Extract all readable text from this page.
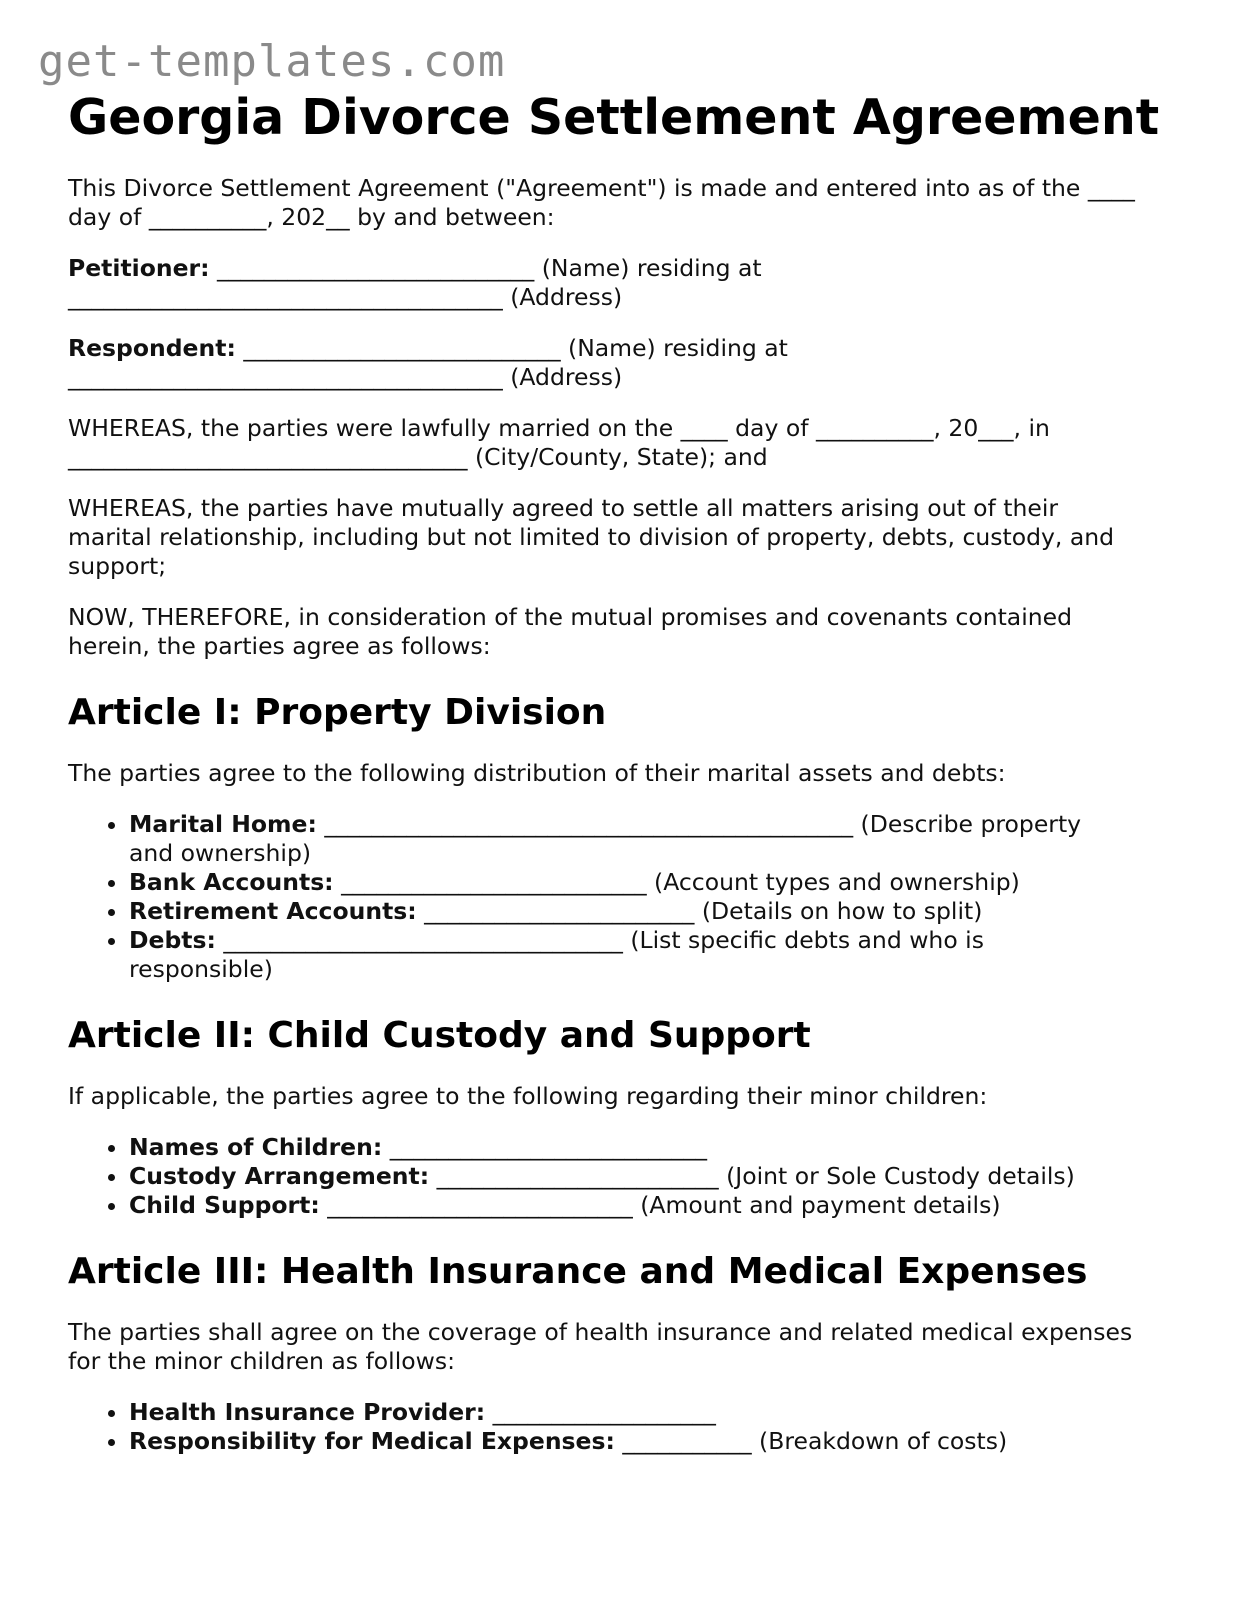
get-templates.com
Georgia Divorce Settlement Agreement

This Divorce Settlement Agreement ("Agreement") is made and entered into as of the ____
day of __________, 202__ by and between:

Petitioner: ___________________________ (Name) residing at
_____________________________________ (Address)

Respondent: ___________________________ (Name) residing at
_____________________________________ (Address)

WHEREAS, the parties were lawfully married on the ____ day of __________, 20___, in
__________________________________ (City/County, State); and

WHEREAS, the parties have mutually agreed to settle all matters arising out of their
marital relationship, including but not limited to division of property, debts, custody, and
support;

NOW, THEREFORE, in consideration of the mutual promises and covenants contained
herein, the parties agree as follows:

Article I: Property Division

The parties agree to the following distribution of their marital assets and debts:

• Marital Home: _____________________________________________ (Describe property
and ownership)
• Bank Accounts: __________________________ (Account types and ownership)
• Retirement Accounts: _______________________ (Details on how to split)
• Debts: __________________________________ (List specific debts and who is
responsible)
Article II: Child Custody and Support

If applicable, the parties agree to the following regarding their minor children:

• Names of Children: ___________________________
• Custody Arrangement: ________________________ (Joint or Sole Custody details)
• Child Support: __________________________ (Amount and payment details)
Article III: Health Insurance and Medical Expenses

The parties shall agree on the coverage of health insurance and related medical expenses
for the minor children as follows:

• Health Insurance Provider: ___________________
• Responsibility for Medical Expenses: ___________ (Breakdown of costs)
